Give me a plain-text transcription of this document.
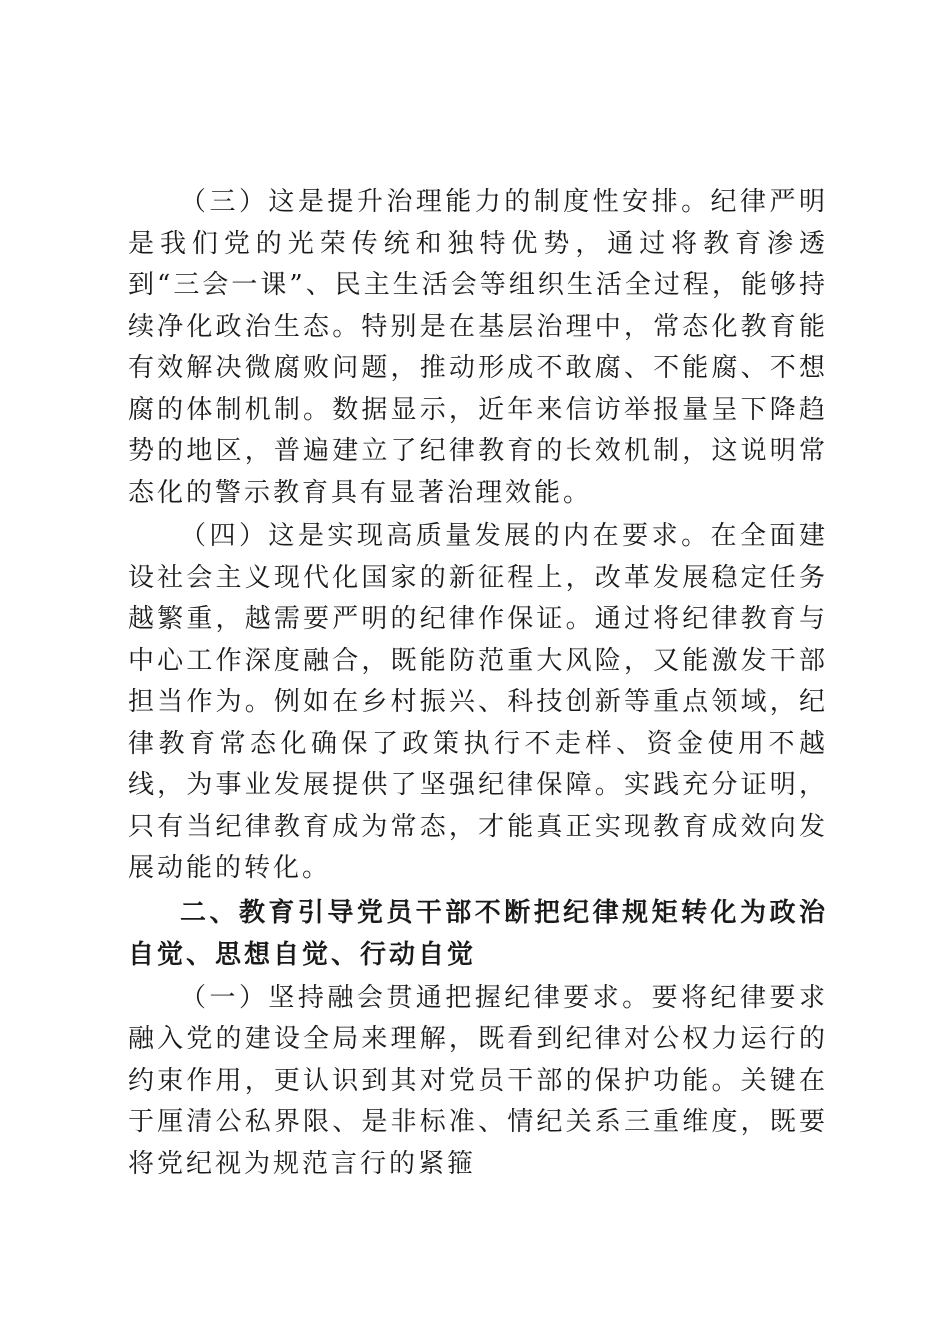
（三）这是提升治理能力的制度性安排。纪律严明是我们党的光荣传统和独特优势，通过将教育渗透到“三会一课”、民主生活会等组织生活全过程，能够持续净化政治生态。特别是在基层治理中，常态化教育能有效解决微腐败问题，推动形成不敢腐、不能腐、不想腐的体制机制。数据显示，近年来信访举报量呈下降趋势的地区，普遍建立了纪律教育的长效机制，这说明常态化的警示教育具有显著治理效能。

（四）这是实现高质量发展的内在要求。在全面建设社会主义现代化国家的新征程上，改革发展稳定任务越繁重，越需要严明的纪律作保证。通过将纪律教育与中心工作深度融合，既能防范重大风险，又能激发干部担当作为。例如在乡村振兴、科技创新等重点领域，纪律教育常态化确保了政策执行不走样、资金使用不越线，为事业发展提供了坚强纪律保障。实践充分证明，只有当纪律教育成为常态，才能真正实现教育成效向发展动能的转化。

二、教育引导党员干部不断把纪律规矩转化为政治自觉、思想自觉、行动自觉

（一）坚持融会贯通把握纪律要求。要将纪律要求融入党的建设全局来理解，既看到纪律对公权力运行的约束作用，更认识到其对党员干部的保护功能。关键在于厘清公私界限、是非标准、情纪关系三重维度，既要将党纪视为规范言行的紧箍
